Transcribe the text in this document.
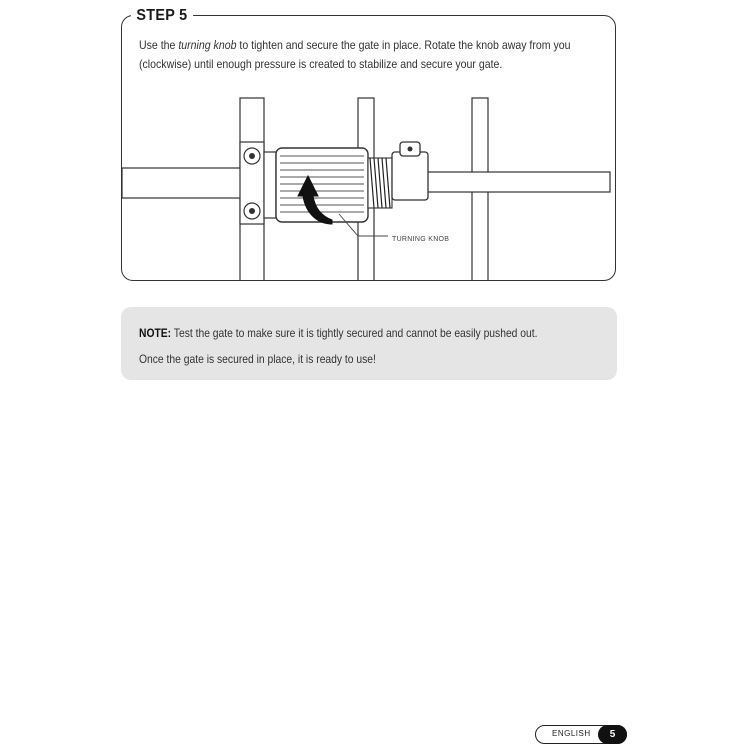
STEP 5
Use the turning knob to tighten and secure the gate in place. Rotate the knob away from you
(clockwise) until enough pressure is created to stabilize and secure your gate.
TURNING KNOB
NOTE: Test the gate to make sure it is tightly secured and cannot be easily pushed out.
Once the gate is secured in place, it is ready to use!
ENGLISH	5
